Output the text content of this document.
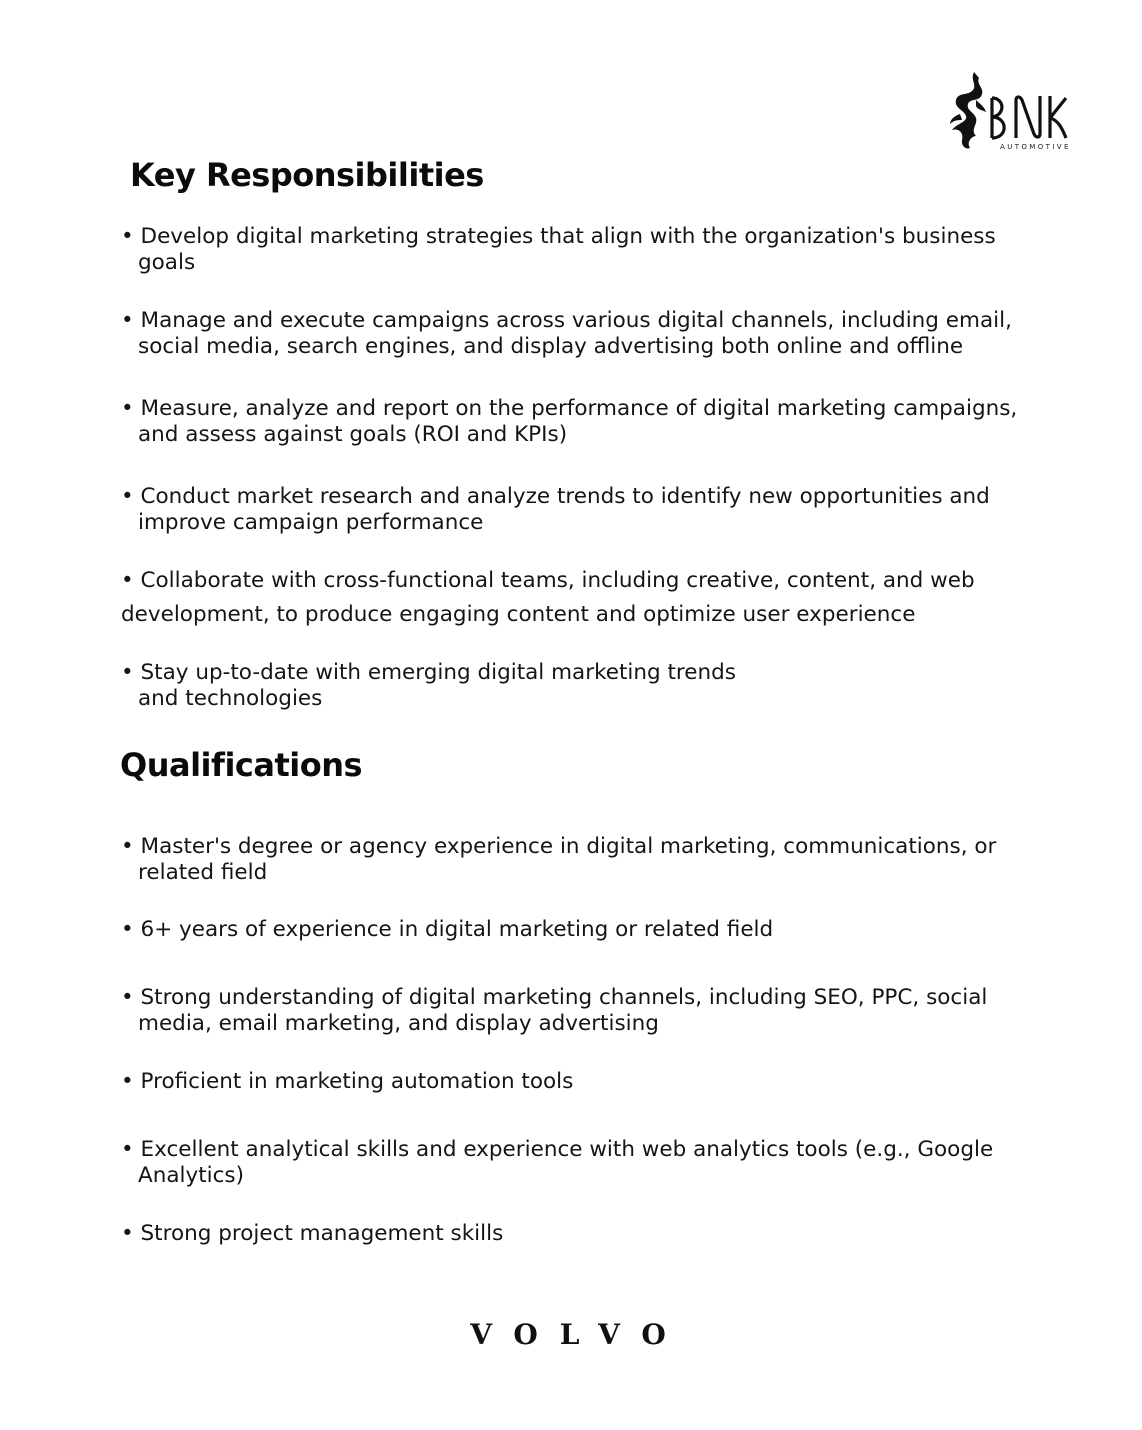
AUTOMOTIVE
Key Responsibilities

• Develop digital marketing strategies that align with the organization's business
goals

• Manage and execute campaigns across various digital channels, including email,
social media, search engines, and display advertising both online and offline

• Measure, analyze and report on the performance of digital marketing campaigns,
and assess against goals (ROI and KPIs)

• Conduct market research and analyze trends to identify new opportunities and
improve campaign performance

• Collaborate with cross-functional teams, including creative, content, and web
development, to produce engaging content and optimize user experience

• Stay up-to-date with emerging digital marketing trends
and technologies

Qualifications

• Master's degree or agency experience in digital marketing, communications, or
related field

• 6+ years of experience in digital marketing or related field

• Strong understanding of digital marketing channels, including SEO, PPC, social
media, email marketing, and display advertising

• Proficient in marketing automation tools

• Excellent analytical skills and experience with web analytics tools (e.g., Google
Analytics)

• Strong project management skills

VOLVO
